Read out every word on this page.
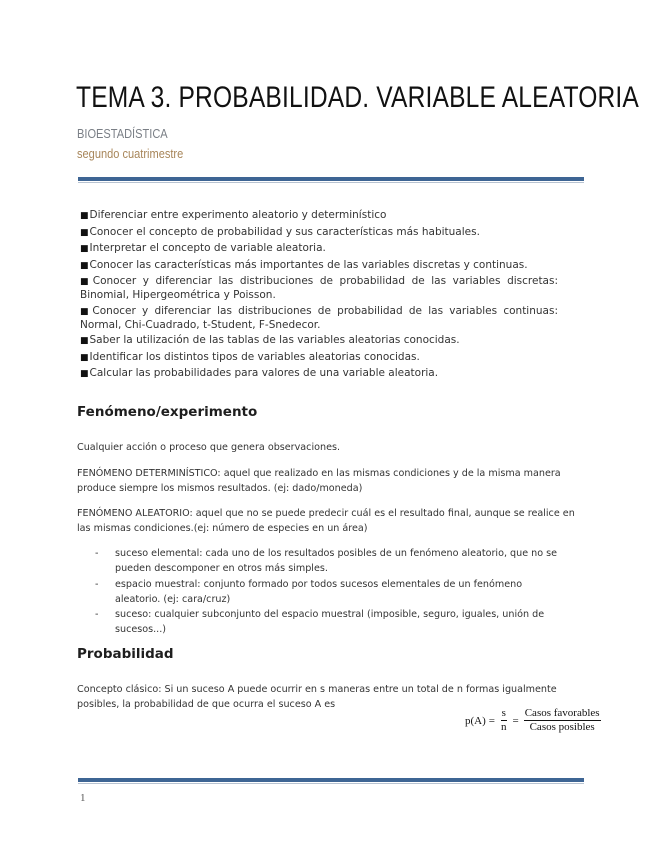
TEMA 3. PROBABILIDAD. VARIABLE ALEATORIA
BIOESTADÍSTICA
segundo cuatrimestre
■ Diferenciar entre experimento aleatorio y determinístico
■ Conocer el concepto de probabilidad y sus características más habituales.
■ Interpretar el concepto de variable aleatoria.
■ Conocer las características más importantes de las variables discretas y continuas.
■ Conocer y diferenciar las distribuciones de probabilidad de las variables discretas: Binomial, Hipergeométrica y Poisson.
■ Conocer y diferenciar las distribuciones de probabilidad de las variables continuas: Normal, Chi-Cuadrado, t-Student, F-Snedecor.
■ Saber la utilización de las tablas de las variables aleatorias conocidas.
■ Identificar los distintos tipos de variables aleatorias conocidas.
■ Calcular las probabilidades para valores de una variable aleatoria.
Fenómeno/experimento
Cualquier acción o proceso que genera observaciones.
FENÓMENO DETERMINÍSTICO: aquel que realizado en las mismas condiciones y de la misma manera produce siempre los mismos resultados. (ej: dado/moneda)
FENÓMENO ALEATORIO: aquel que no se puede predecir cuál es el resultado final, aunque se realice en las mismas condiciones.(ej: número de especies en un área)
- suceso elemental: cada uno de los resultados posibles de un fenómeno aleatorio, que no se pueden descomponer en otros más simples.
- espacio muestral: conjunto formado por todos sucesos elementales de un fenómeno aleatorio. (ej: cara/cruz)
- suceso: cualquier subconjunto del espacio muestral (imposible, seguro, iguales, unión de sucesos...)
Probabilidad
Concepto clásico: Si un suceso A puede ocurrir en s maneras entre un total de n formas igualmente posibles, la probabilidad de que ocurra el suceso A es
$p(A) = \frac{s}{n} = \frac{\text{Casos favorables}}{\text{Casos posibles}}$
1
